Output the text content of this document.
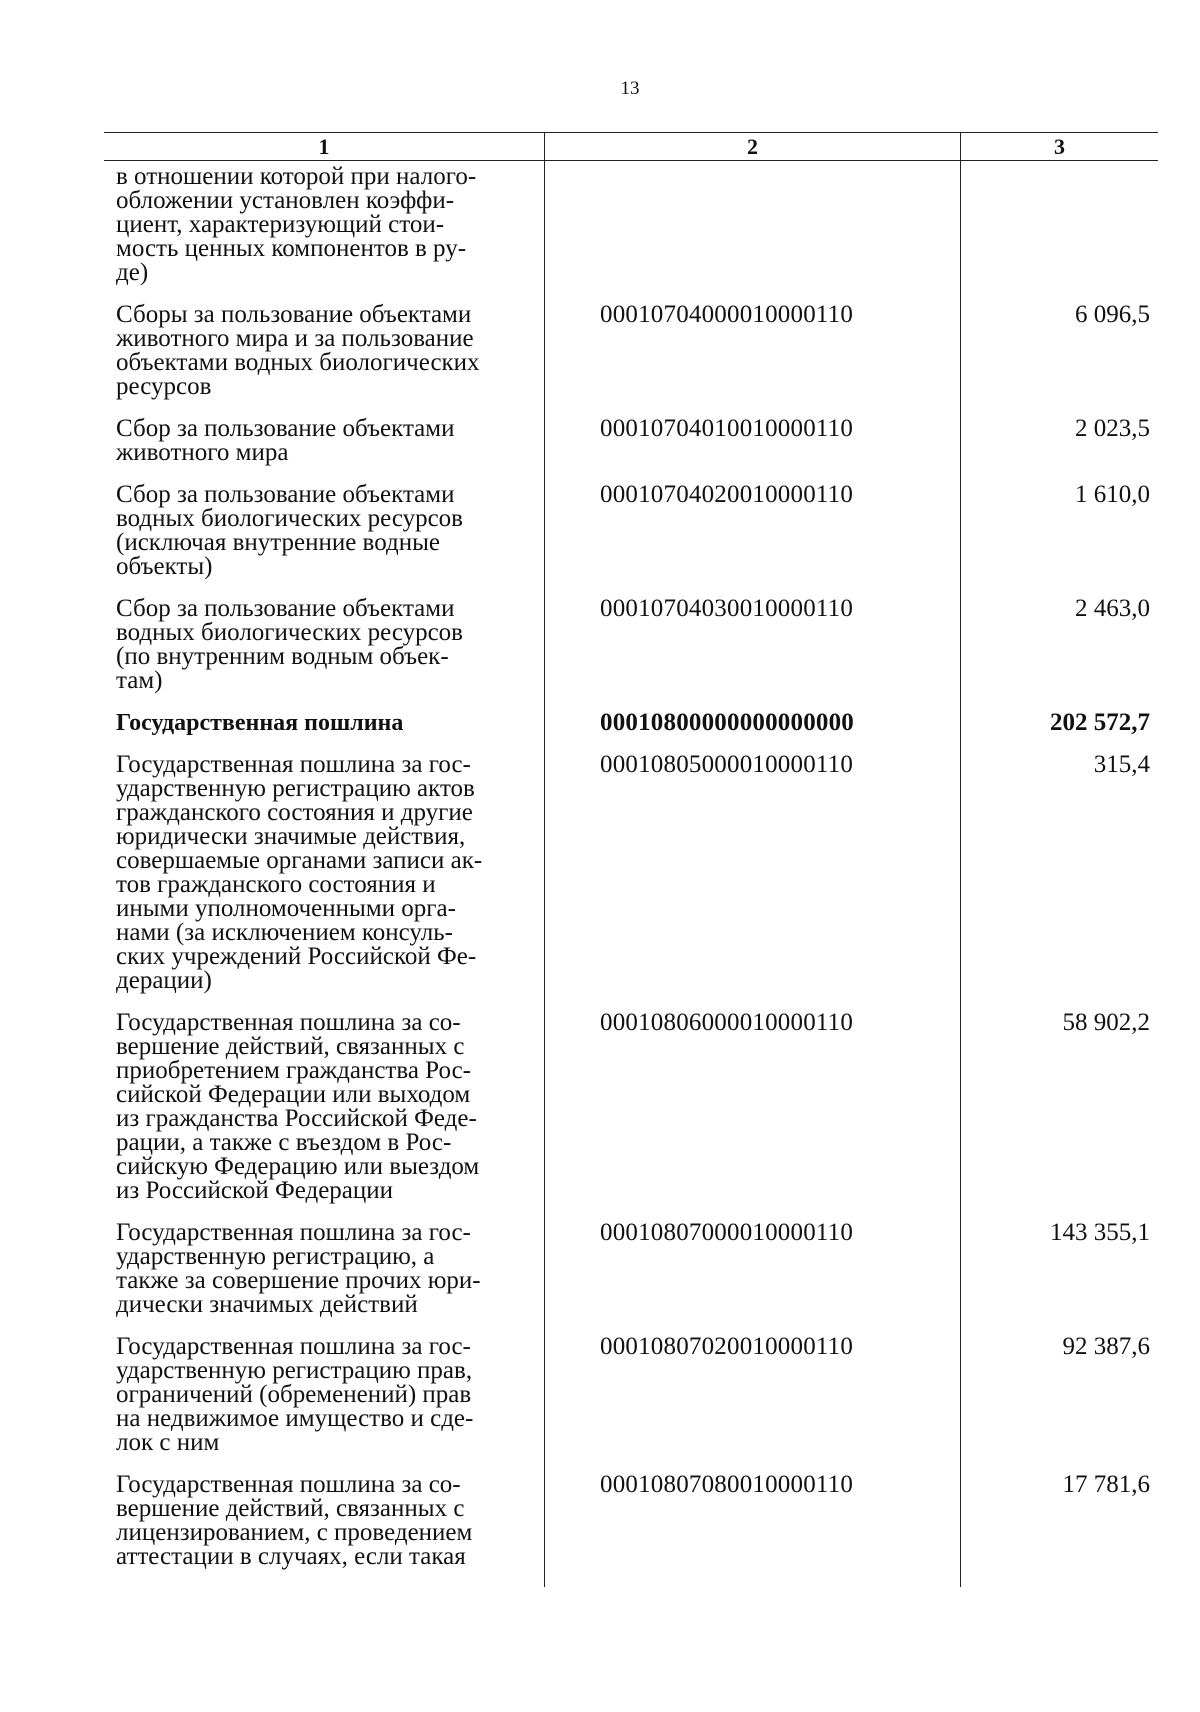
13
1	2	3
в отношении которой при налого-
обложении установлен коэффи-
циент, характеризующий стои-
мость ценных компонентов в ру-
де)
Сборы за пользование объектами
животного мира и за пользование
объектами водных биологических
ресурсов
00010704000010000110	6 096,5
Сбор за пользование объектами
животного мира
00010704010010000110	2 023,5
Сбор за пользование объектами
водных биологических ресурсов
(исключая внутренние водные
объекты)
00010704020010000110	1 610,0
Сбор за пользование объектами
водных биологических ресурсов
(по внутренним водным объек-
там)
00010704030010000110	2 463,0
Государственная пошлина	00010800000000000000	202 572,7
Государственная пошлина за гос-
ударственную регистрацию актов
гражданского состояния и другие
юридически значимые действия,
совершаемые органами записи ак-
тов гражданского состояния и
иными уполномоченными орга-
нами (за исключением консуль-
ских учреждений Российской Фе-
дерации)
00010805000010000110	315,4
Государственная пошлина за со-
вершение действий, связанных с
приобретением гражданства Рос-
сийской Федерации или выходом
из гражданства Российской Феде-
рации, а также с въездом в Рос-
сийскую Федерацию или выездом
из Российской Федерации
00010806000010000110	58 902,2
Государственная пошлина за гос-
ударственную регистрацию, а
также за совершение прочих юри-
дически значимых действий
00010807000010000110	143 355,1
Государственная пошлина за гос-
ударственную регистрацию прав,
ограничений (обременений) прав
на недвижимое имущество и сде-
лок с ним
00010807020010000110	92 387,6
Государственная пошлина за со-
вершение действий, связанных с
лицензированием, с проведением
аттестации в случаях, если такая
00010807080010000110	17 781,6
